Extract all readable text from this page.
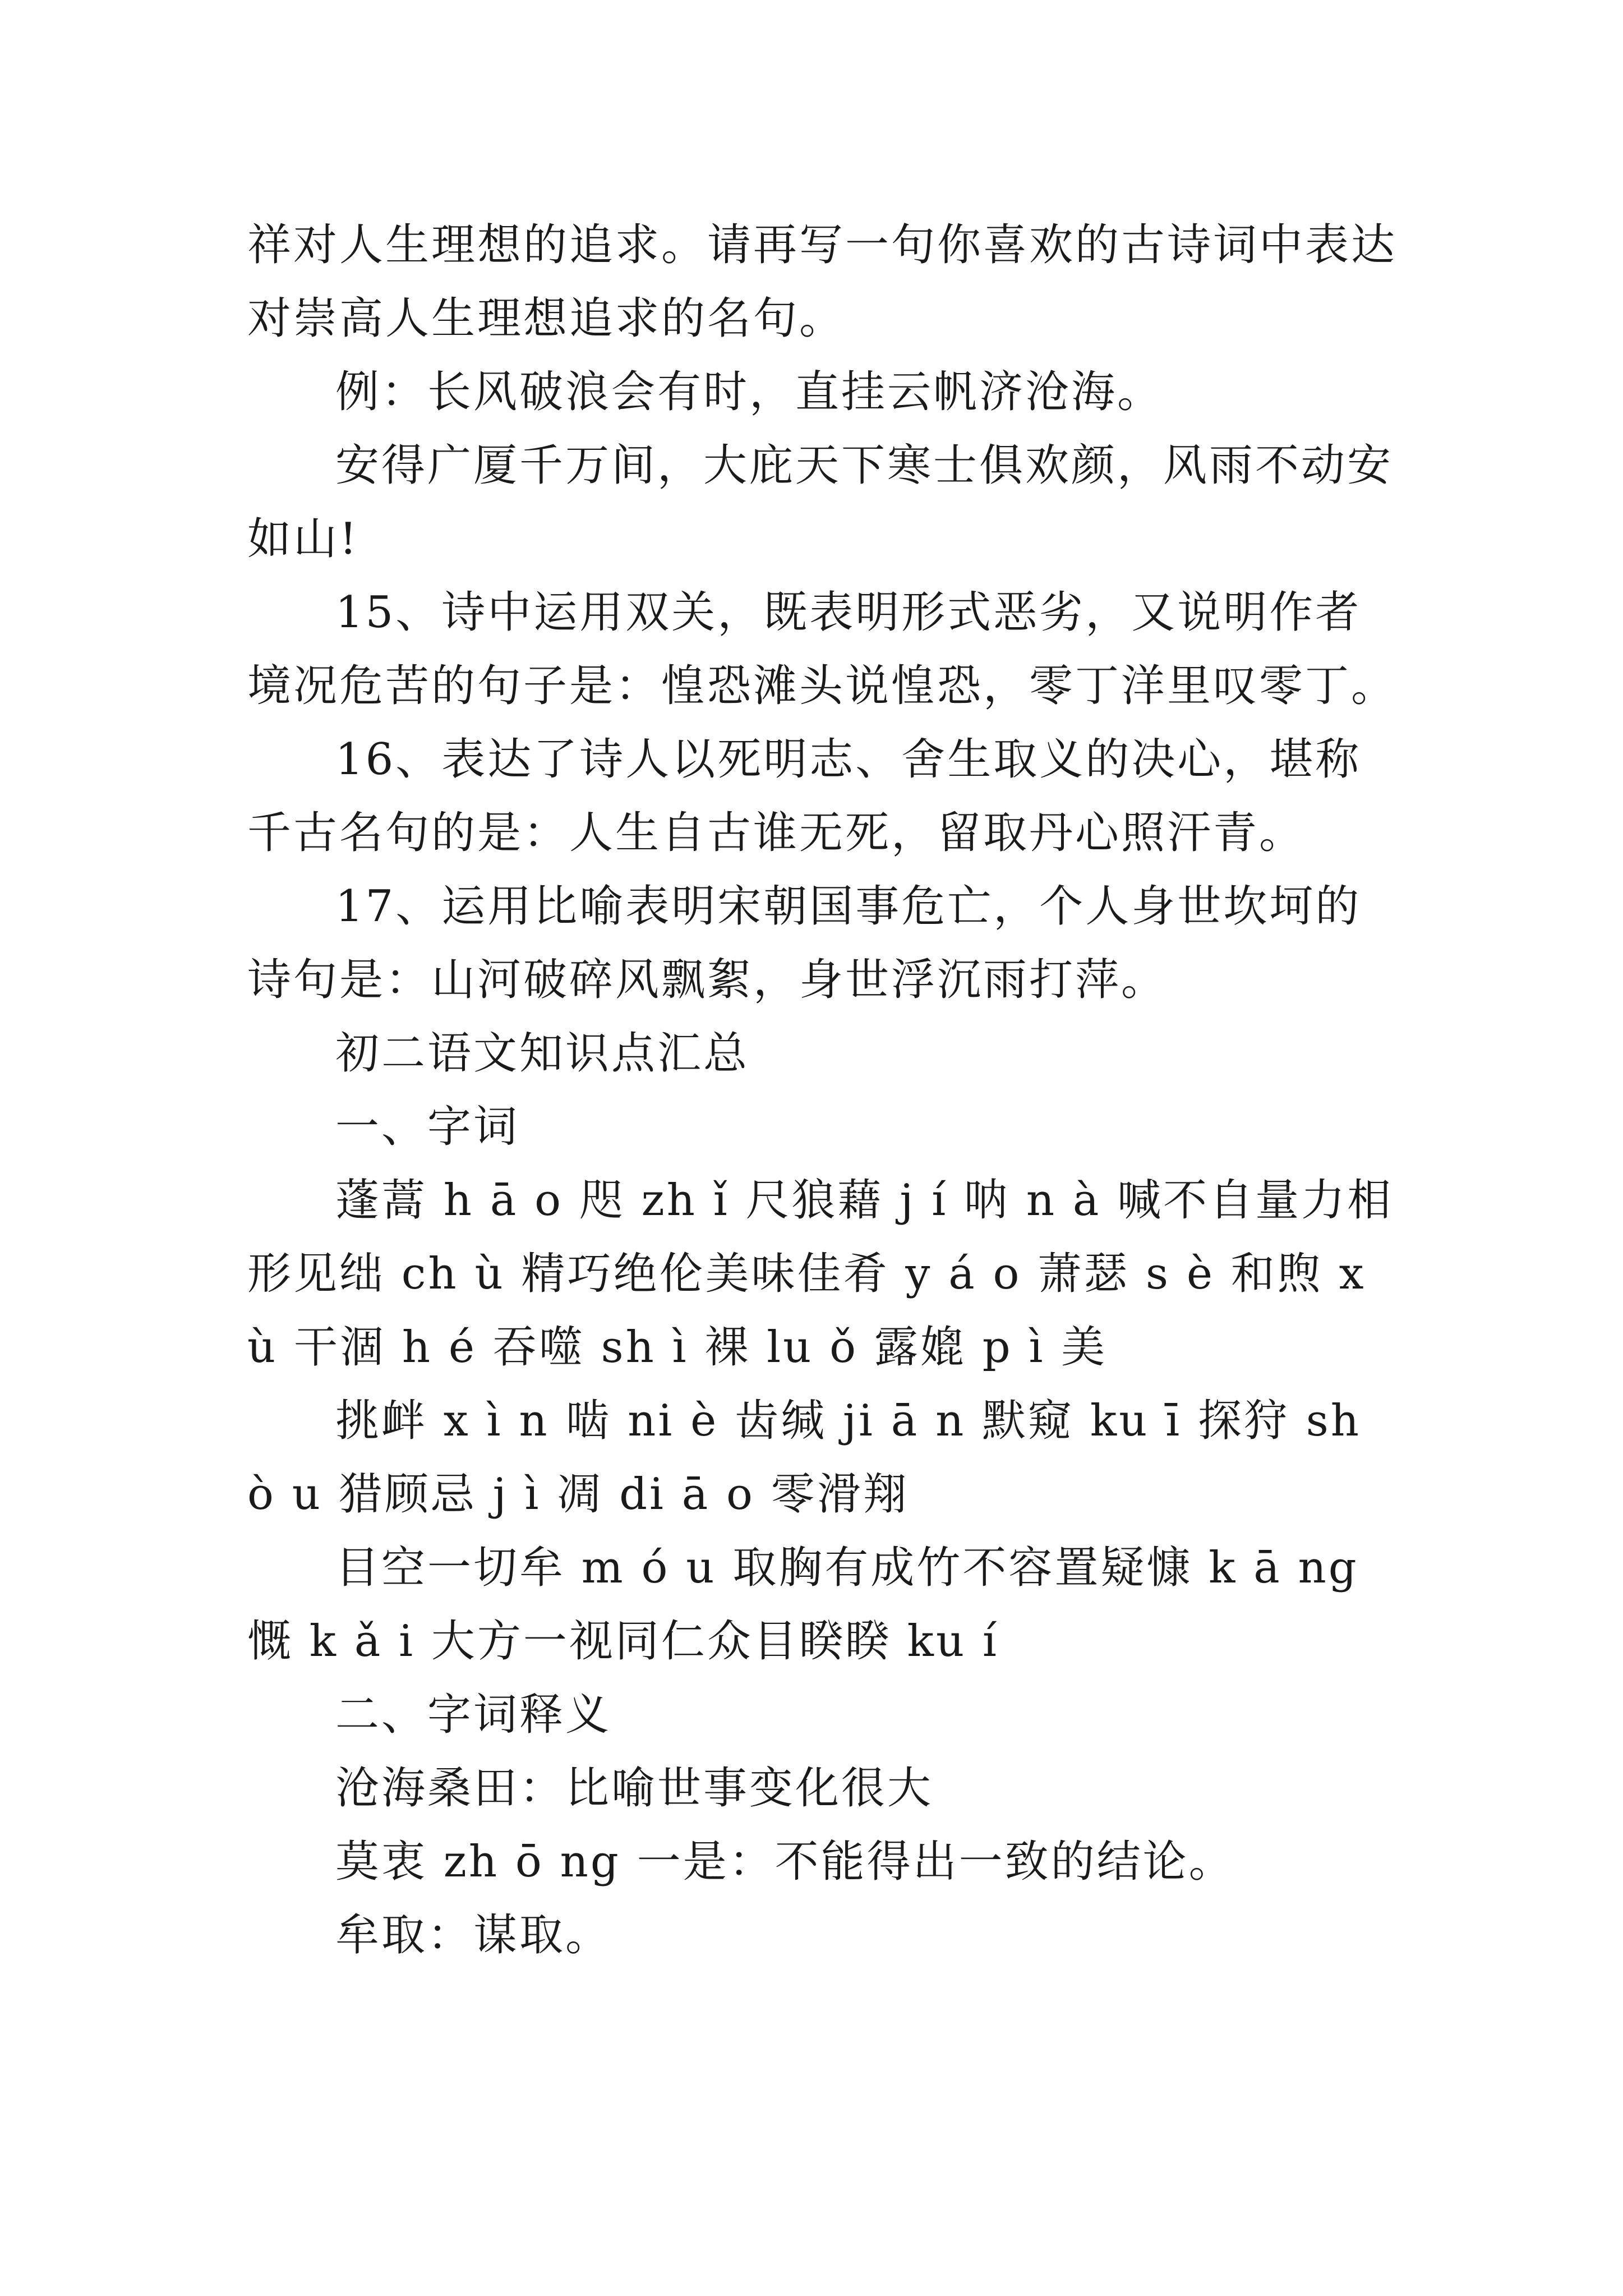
祥对人生理想的追求。请再写一句你喜欢的古诗词中表达对崇高人生理想追求的名句。

例：长风破浪会有时，直挂云帆济沧海。

安得广厦千万间，大庇天下寒士俱欢颜，风雨不动安如山!

15、诗中运用双关，既表明形式恶劣，又说明作者境况危苦的句子是：惶恐滩头说惶恐，零丁洋里叹零丁。

16、表达了诗人以死明志、舍生取义的决心，堪称千古名句的是：人生自古谁无死，留取丹心照汗青。

17、运用比喻表明宋朝国事危亡，个人身世坎坷的诗句是：山河破碎风飘絮，身世浮沉雨打萍。

初二语文知识点汇总

一、字词

蓬蒿 h ā o 咫 zh ǐ 尺狼藉 j í 呐 n à 喊不自量力相形见绌 ch ù 精巧绝伦美味佳肴 y á o 萧瑟 s è 和煦 x ù 干涸 h é 吞噬 sh ì 裸 lu ǒ 露媲 p ì 美

挑衅 x ì n 啮 ni è 齿缄 ji ā n 默窥 ku ī 探狩 sh ò u 猎顾忌 j ì 凋 di ā o 零滑翔

目空一切牟 m ó u 取胸有成竹不容置疑慷 k ā ng 慨 k ǎ i 大方一视同仁众目睽睽 ku í

二、字词释义

沧海桑田：比喻世事变化很大

莫衷 zh ō ng 一是：不能得出一致的结论。

牟取：谋取。
